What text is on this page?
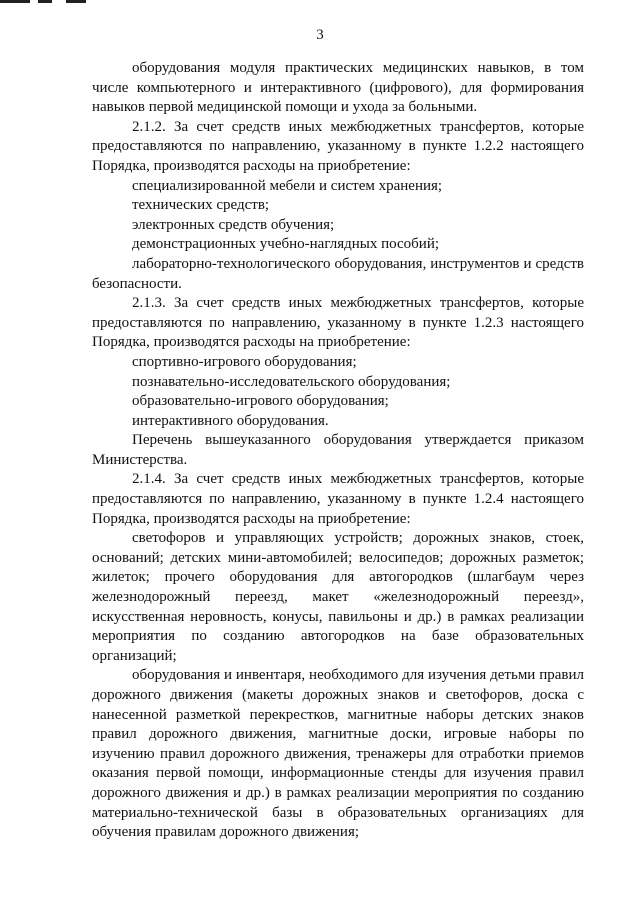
3

оборудования модуля практических медицинских навыков, в том числе компьютерного и интерактивного (цифрового), для формирования навыков первой медицинской помощи и ухода за больными.

2.1.2. За счет средств иных межбюджетных трансфертов, которые предоставляются по направлению, указанному в пункте 1.2.2 настоящего Порядка, производятся расходы на приобретение:

специализированной мебели и систем хранения;

технических средств;

электронных средств обучения;

демонстрационных учебно-наглядных пособий;

лабораторно-технологического оборудования, инструментов и средств безопасности.

2.1.3. За счет средств иных межбюджетных трансфертов, которые предоставляются по направлению, указанному в пункте 1.2.3 настоящего Порядка, производятся расходы на приобретение:

спортивно-игрового оборудования;

познавательно-исследовательского оборудования;

образовательно-игрового оборудования;

интерактивного оборудования.

Перечень вышеуказанного оборудования утверждается приказом Министерства.

2.1.4. За счет средств иных межбюджетных трансфертов, которые предоставляются по направлению, указанному в пункте 1.2.4 настоящего Порядка, производятся расходы на приобретение:

светофоров и управляющих устройств; дорожных знаков, стоек, оснований; детских мини-автомобилей; велосипедов; дорожных разметок; жилеток; прочего оборудования для автогородков (шлагбаум через железнодорожный переезд, макет «железнодорожный переезд», искусственная неровность, конусы, павильоны и др.) в рамках реализации мероприятия по созданию автогородков на базе образовательных организаций;

оборудования и инвентаря, необходимого для изучения детьми правил дорожного движения (макеты дорожных знаков и светофоров, доска с нанесенной разметкой перекрестков, магнитные наборы детских знаков правил дорожного движения, магнитные доски, игровые наборы по изучению правил дорожного движения, тренажеры для отработки приемов оказания первой помощи, информационные стенды для изучения правил дорожного движения и др.) в рамках реализации мероприятия по созданию материально-технической базы в образовательных организациях для обучения правилам дорожного движения;
